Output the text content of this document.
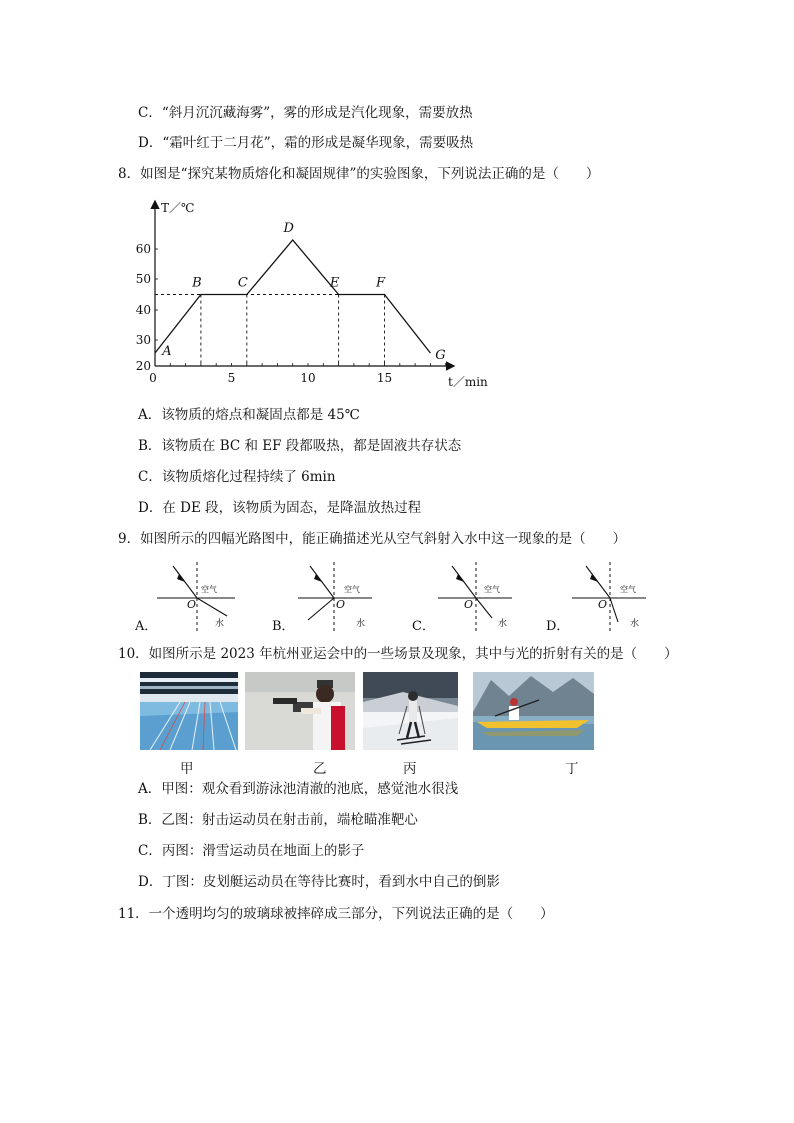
C．“斜月沉沉藏海雾”，雾的形成是汽化现象，需要放热
D．“霜叶红于二月花”，霜的形成是凝华现象，需要吸热
8．如图是“探究某物质熔化和凝固规律”的实验图象，下列说法正确的是（　　）
T／℃
t／min
20
30
40
50
60
0	5	10	15
A
B	C
D
E	F
G
A．该物质的熔点和凝固点都是 45℃
B．该物质在 BC 和 EF 段都吸热，都是固液共存状态
C．该物质熔化过程持续了 6min
D．在 DE 段，该物质为固态，是降温放热过程
9．如图所示的四幅光路图中，能正确描述光从空气斜射入水中这一现象的是（　　）
A．
空气
水
O
B．
空气
水
O
C．
空气
水
O
D．
空气
水
O
10．如图所示是 2023 年杭州亚运会中的一些场景及现象，其中与光的折射有关的是（　　）
甲	乙	丙	丁
A．甲图：观众看到游泳池清澈的池底，感觉池水很浅
B．乙图：射击运动员在射击前，端枪瞄准靶心
C．丙图：滑雪运动员在地面上的影子
D．丁图：皮划艇运动员在等待比赛时，看到水中自己的倒影
11．一个透明均匀的玻璃球被摔碎成三部分，下列说法正确的是（　　）
